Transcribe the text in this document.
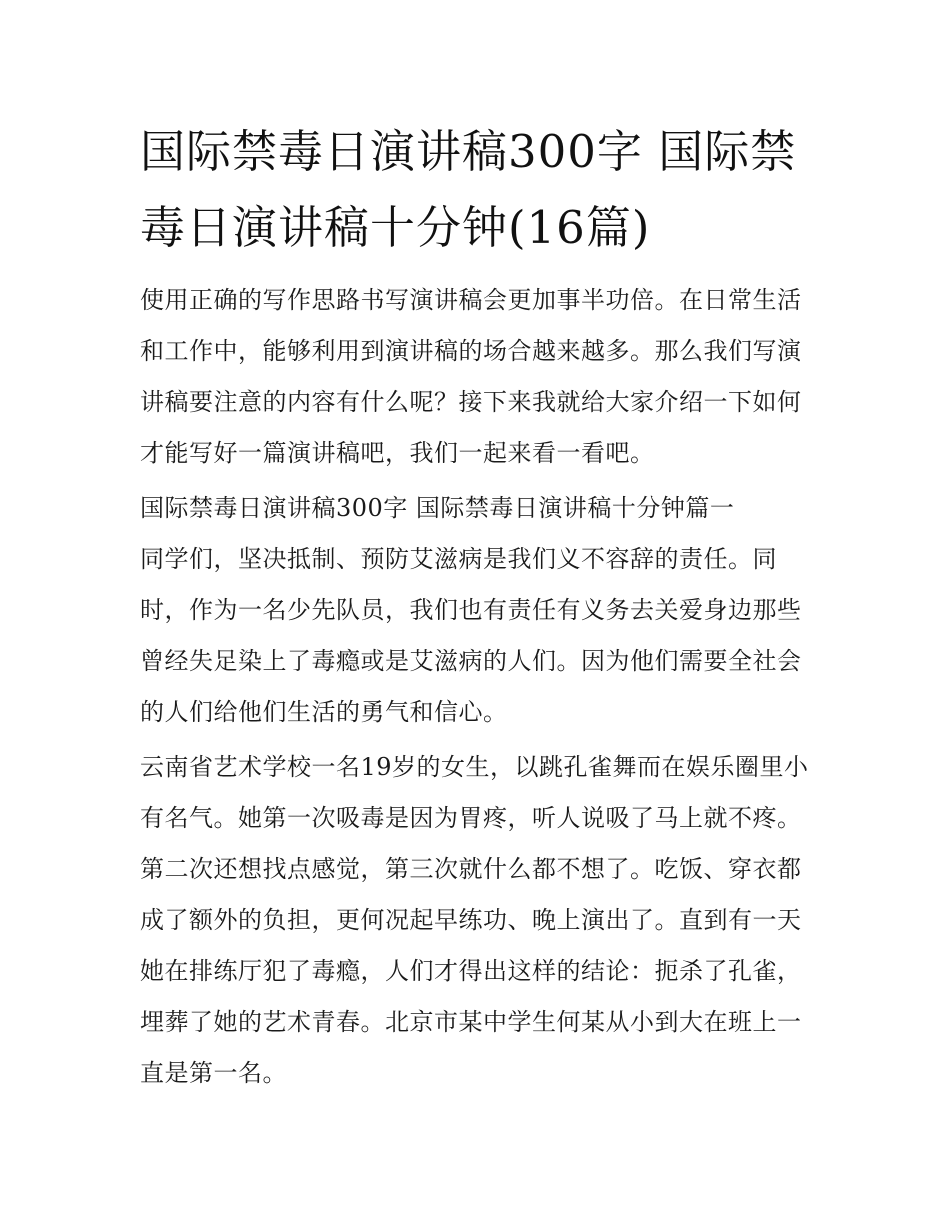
国际禁毒日演讲稿300字 国际禁毒日演讲稿十分钟(16篇)

使用正确的写作思路书写演讲稿会更加事半功倍。在日常生活和工作中，能够利用到演讲稿的场合越来越多。那么我们写演讲稿要注意的内容有什么呢？接下来我就给大家介绍一下如何才能写好一篇演讲稿吧，我们一起来看一看吧。

国际禁毒日演讲稿300字 国际禁毒日演讲稿十分钟篇一

同学们，坚决抵制、预防艾滋病是我们义不容辞的责任。同时，作为一名少先队员，我们也有责任有义务去关爱身边那些曾经失足染上了毒瘾或是艾滋病的人们。因为他们需要全社会的人们给他们生活的勇气和信心。

云南省艺术学校一名19岁的女生，以跳孔雀舞而在娱乐圈里小有名气。她第一次吸毒是因为胃疼，听人说吸了马上就不疼。第二次还想找点感觉，第三次就什么都不想了。吃饭、穿衣都成了额外的负担，更何况起早练功、晚上演出了。直到有一天她在排练厅犯了毒瘾，人们才得出这样的结论：扼杀了孔雀，埋葬了她的艺术青春。北京市某中学生何某从小到大在班上一直是第一名。
